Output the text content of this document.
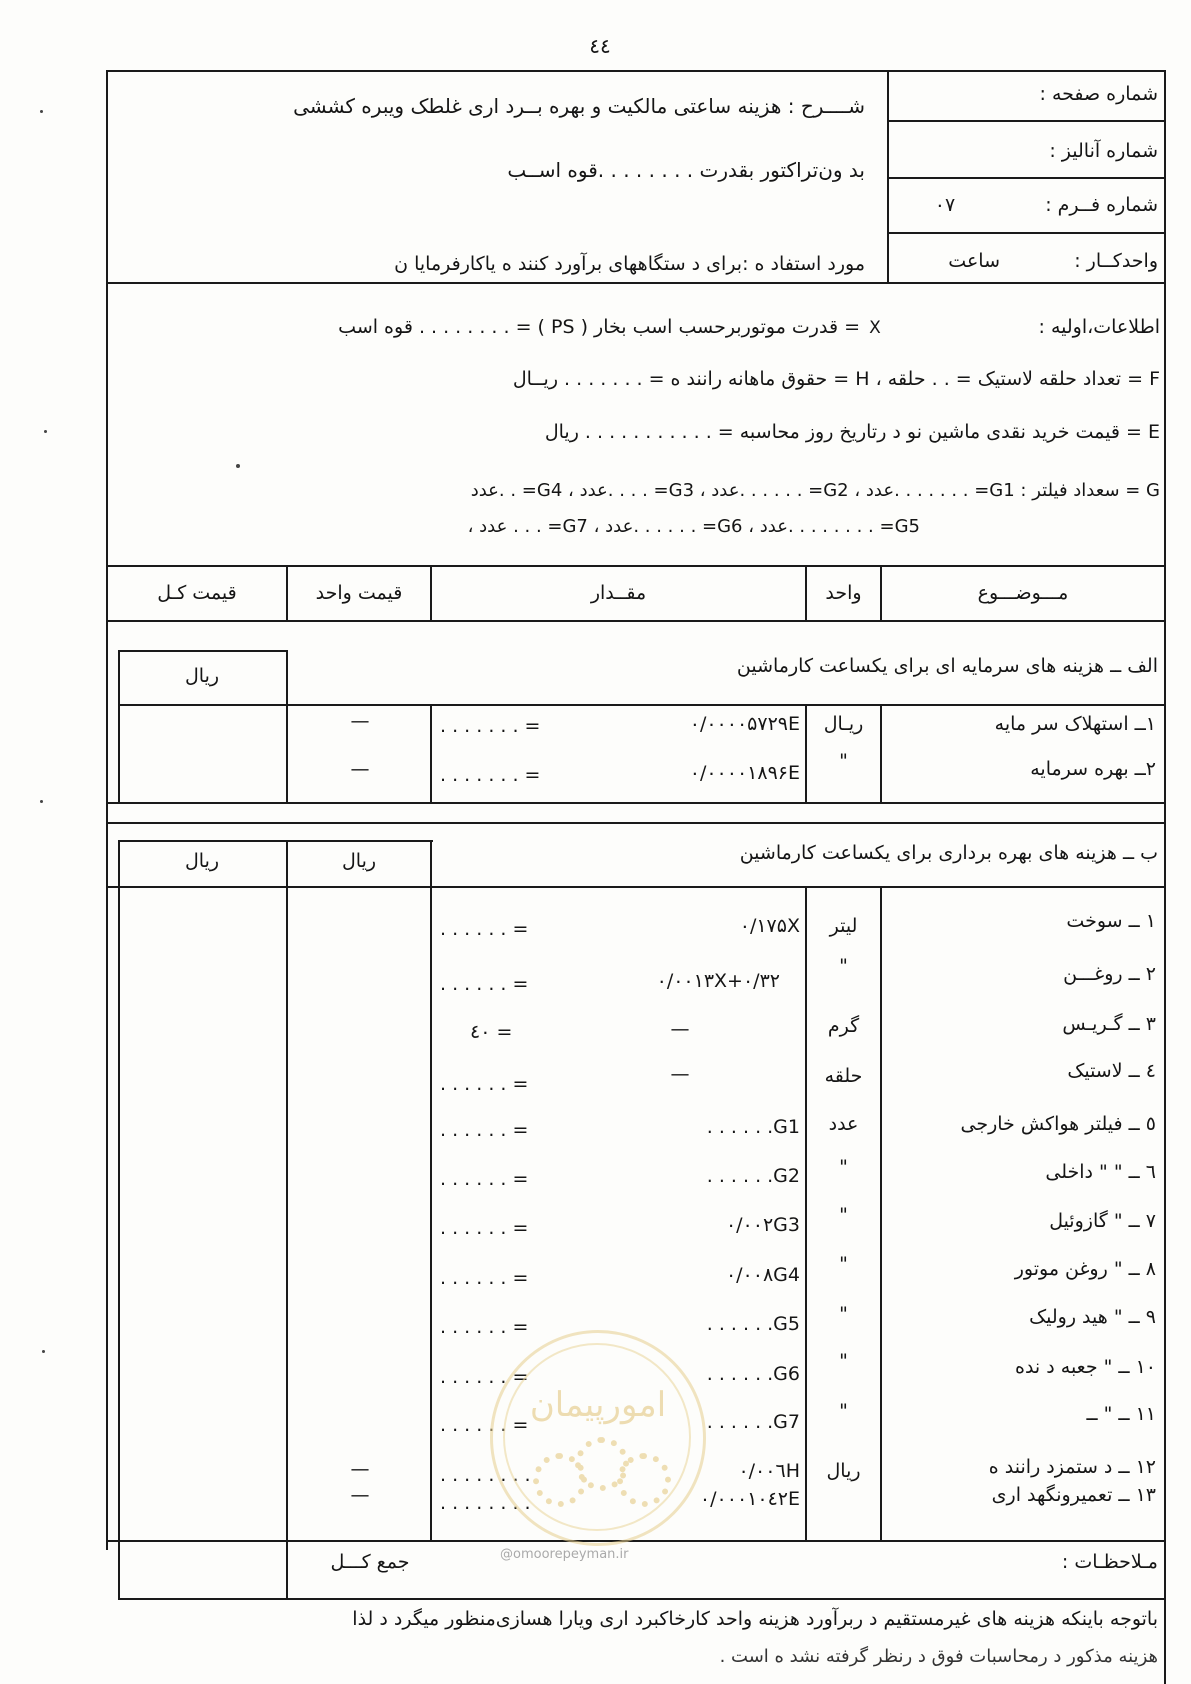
٤٤
شــــرح : هزینه ساعتی مالکیت و بهره بــرد اری غلطک ویبره کششی
بد ون‌تراکتور بقدرت . . . . . . . .قوه اســب
مورد استفاد ه :برای د ستگاههای برآورد کنند ه یاکارفرمایا ن
شماره صفحه :
شماره آنالیز :
شماره فــرم :
۰۷
واحدکــار :
ساعت
اطلاعات،اولیه :
X
= قدرت موتوربرحسب اسب بخار ( PS ) = . . . . . . . . قوه اسب
F = تعداد حلقه لاستیک = . . حلقه ، H = حقوق ماهانه رانند ه = . . . . . . . ریــال
E = قیمت خرید نقدی ماشین نو د رتاریخ روز محاسبه = . . . . . . . . . . . ریال
G = سعداد فیلتر : G1= . . . . . . .عدد ، G2= . . . . . .عدد ، G3= . . . .عدد ، G4= . .عدد
G5= . . . . . . . .عدد ، G6= . . . . . .عدد ، G7= . . . عدد ،
مـــوضـــوع
واحد
مقــدار
قیمت واحد
قیمت کـل
الف ــ هزینه های سرمایه ای برای یکساعت کارماشین
ریال
۱ــ استهلاک سر مایه
ریـال
۰/۰۰۰۰۵۷۲۹E
. . . . . . . =
—
۲ــ بهره سرمایه
"
۰/۰۰۰۰۱۸۹۶E
. . . . . . . =
—
ب ــ هزینه های بهره برداری برای یکساعت کارماشین
ریال
ریال
۱ ــ سوخت
لیتر
۰/۱۷۵X
. . . . . . =
۲ ــ روغـــن
"
۰/۰۰۱۳X+۰/۳۲
. . . . . . =
۳ ــ گـریـس
گرم
—
٤۰ =
٤ ــ لاستیک
حلقه
—
. . . . . . =
٥ ــ فیلتر هواکش خارجی
عدد
. . . . . .G1
. . . . . . =
٦ ــ " " داخلی
"
. . . . . .G2
. . . . . . =
۷ ــ " گازوئیل
"
۰/۰۰۲G3
. . . . . . =
۸ ــ " روغن موتور
"
۰/۰۰۸G4
. . . . . . =
۹ ــ " هید رولیک
"
. . . . . .G5
. . . . . . =
۱۰ ــ " جعبه د نده
"
. . . . . .G6
. . . . . . =
۱۱ ــ " ــ
"
. . . . . .G7
. . . . . . =
۱۲ ــ د ستمزد رانند ه
ریال
۰/۰۰٦H
. . . . . . . .
—
۱۳ ــ تعمیرونگهد اری
۰/۰۰۰۱۰٤۲E
. . . . . . . .
—
مـلاحظـات :
جمع کـــل
باتوجه باینکه هزینه های غیرمستقیم د ربرآورد هزینه واحد کارخاکبرد اری ویارا هسازی‌منظور میگرد د لذا
هزینه مذکور د رمحاسبات فوق د رنظر گرفته نشد ه است .
امورپیمان
@omoorepeyman.ir
